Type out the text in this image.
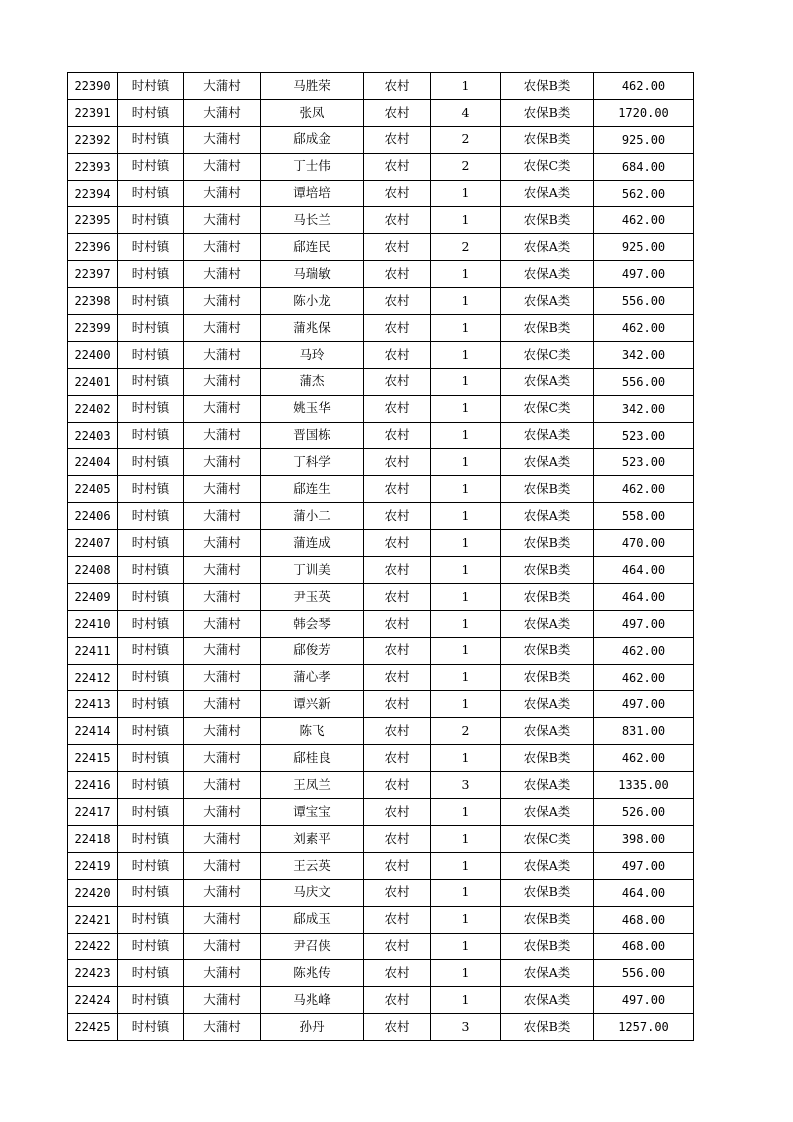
22390	时村镇	大蒲村	马胜荣	农村	1	农保B类	462.00
22391	时村镇	大蒲村	张凤	农村	4	农保B类	1720.00
22392	时村镇	大蒲村	郈成金	农村	2	农保B类	925.00
22393	时村镇	大蒲村	丁士伟	农村	2	农保C类	684.00
22394	时村镇	大蒲村	谭培培	农村	1	农保A类	562.00
22395	时村镇	大蒲村	马长兰	农村	1	农保B类	462.00
22396	时村镇	大蒲村	郈连民	农村	2	农保A类	925.00
22397	时村镇	大蒲村	马瑞敏	农村	1	农保A类	497.00
22398	时村镇	大蒲村	陈小龙	农村	1	农保A类	556.00
22399	时村镇	大蒲村	蒲兆保	农村	1	农保B类	462.00
22400	时村镇	大蒲村	马玲	农村	1	农保C类	342.00
22401	时村镇	大蒲村	蒲杰	农村	1	农保A类	556.00
22402	时村镇	大蒲村	姚玉华	农村	1	农保C类	342.00
22403	时村镇	大蒲村	晋国栋	农村	1	农保A类	523.00
22404	时村镇	大蒲村	丁科学	农村	1	农保A类	523.00
22405	时村镇	大蒲村	郈连生	农村	1	农保B类	462.00
22406	时村镇	大蒲村	蒲小二	农村	1	农保A类	558.00
22407	时村镇	大蒲村	蒲连成	农村	1	农保B类	470.00
22408	时村镇	大蒲村	丁训美	农村	1	农保B类	464.00
22409	时村镇	大蒲村	尹玉英	农村	1	农保B类	464.00
22410	时村镇	大蒲村	韩会琴	农村	1	农保A类	497.00
22411	时村镇	大蒲村	郈俊芳	农村	1	农保B类	462.00
22412	时村镇	大蒲村	蒲心孝	农村	1	农保B类	462.00
22413	时村镇	大蒲村	谭兴新	农村	1	农保A类	497.00
22414	时村镇	大蒲村	陈飞	农村	2	农保A类	831.00
22415	时村镇	大蒲村	郈桂良	农村	1	农保B类	462.00
22416	时村镇	大蒲村	王凤兰	农村	3	农保A类	1335.00
22417	时村镇	大蒲村	谭宝宝	农村	1	农保A类	526.00
22418	时村镇	大蒲村	刘素平	农村	1	农保C类	398.00
22419	时村镇	大蒲村	王云英	农村	1	农保A类	497.00
22420	时村镇	大蒲村	马庆文	农村	1	农保B类	464.00
22421	时村镇	大蒲村	郈成玉	农村	1	农保B类	468.00
22422	时村镇	大蒲村	尹召侠	农村	1	农保B类	468.00
22423	时村镇	大蒲村	陈兆传	农村	1	农保A类	556.00
22424	时村镇	大蒲村	马兆峰	农村	1	农保A类	497.00
22425	时村镇	大蒲村	孙丹	农村	3	农保B类	1257.00
